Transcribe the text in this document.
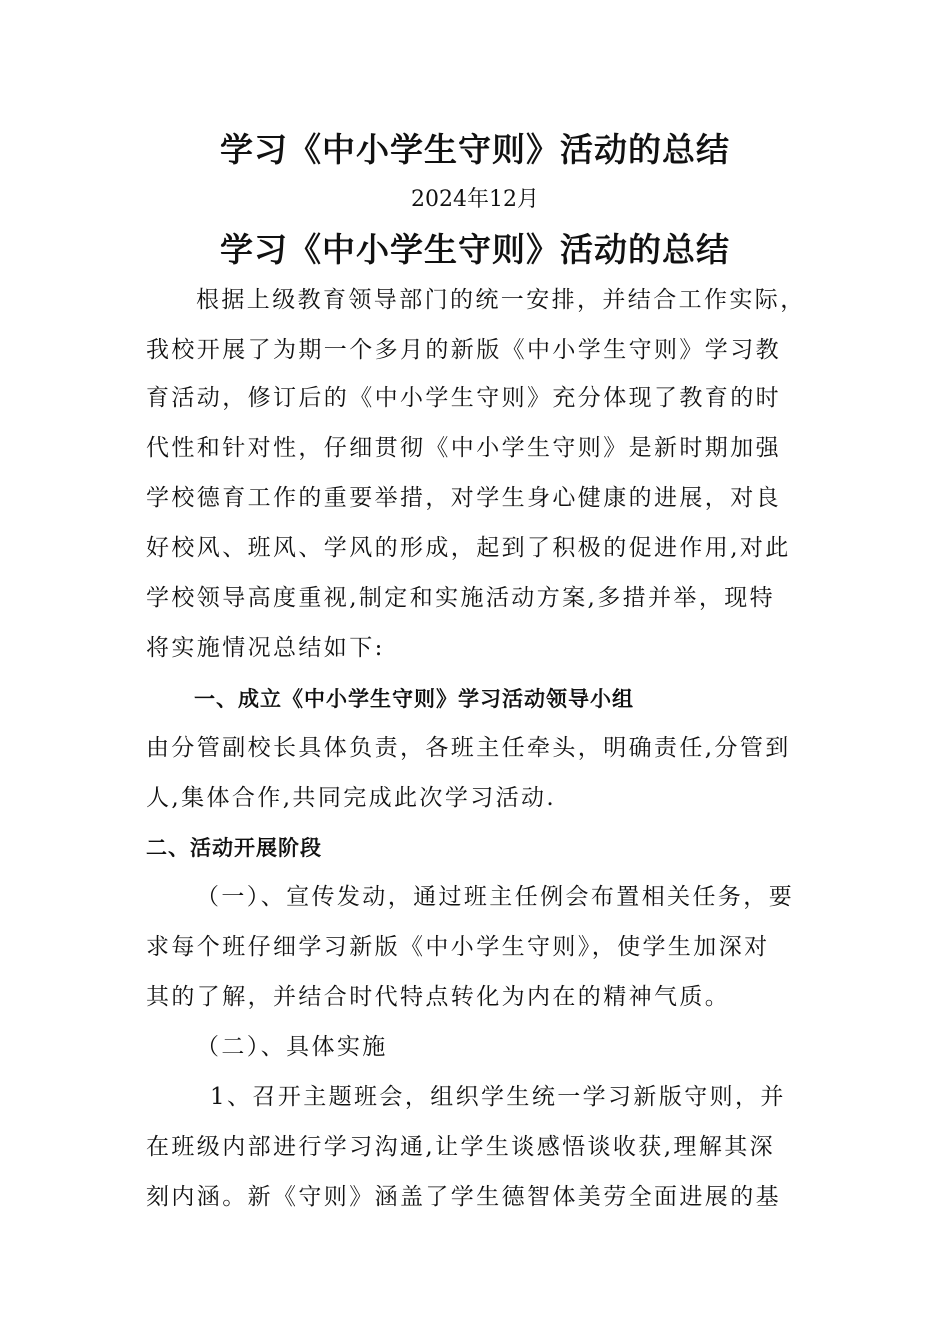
学习《中小学生守则》活动的总结
2024年12月
学习《中小学生守则》活动的总结
根据上级教育领导部门的统一安排，并结合工作实际，
我校开展了为期一个多月的新版《中小学生守则》学习教
育活动，修订后的《中小学生守则》充分体现了教育的时
代性和针对性，仔细贯彻《中小学生守则》是新时期加强
学校德育工作的重要举措，对学生身心健康的进展，对良
好校风、班风、学风的形成，起到了积极的促进作用,对此
学校领导高度重视,制定和实施活动方案,多措并举，现特
将实施情况总结如下:
一、成立《中小学生守则》学习活动领导小组
由分管副校长具体负责，各班主任牵头，明确责任,分管到
人,集体合作,共同完成此次学习活动.
二、活动开展阶段
（一）、宣传发动，通过班主任例会布置相关任务，要
求每个班仔细学习新版《中小学生守则》，使学生加深对
其的了解，并结合时代特点转化为内在的精神气质。
（二）、具体实施
1、召开主题班会，组织学生统一学习新版守则，并
在班级内部进行学习沟通,让学生谈感悟谈收获,理解其深
刻内涵。新《守则》涵盖了学生德智体美劳全面进展的基
